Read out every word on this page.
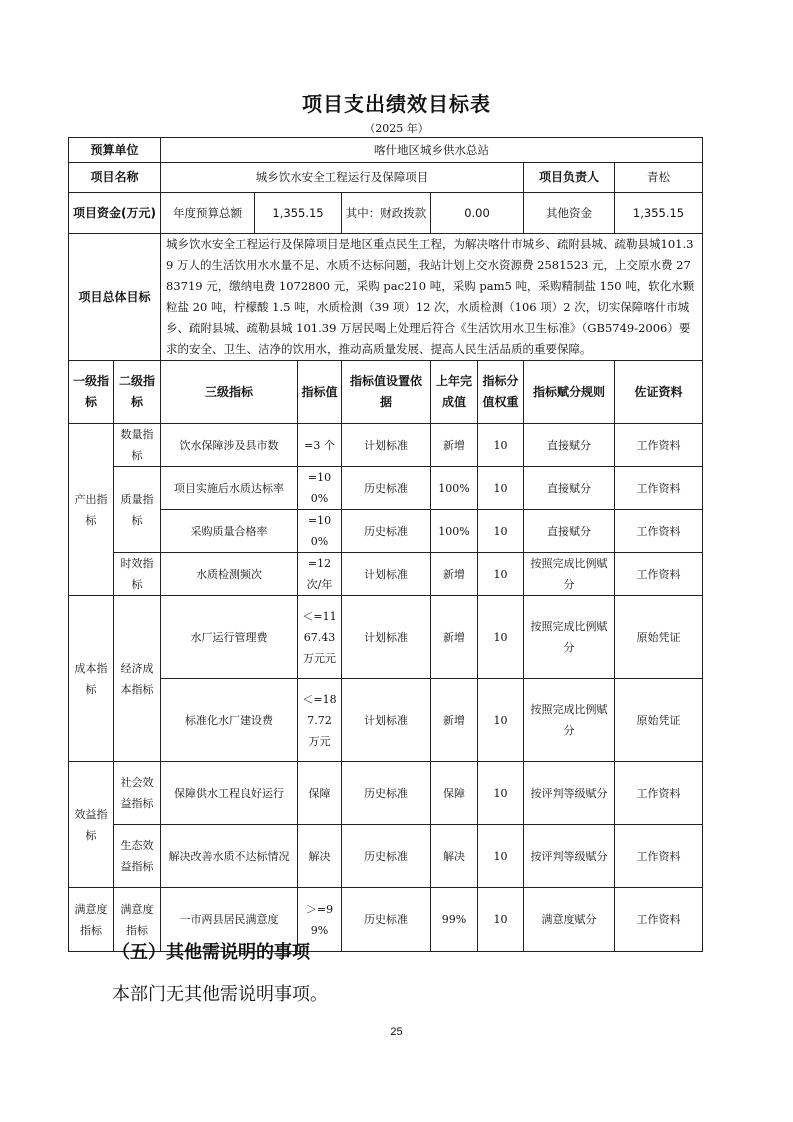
项目支出绩效目标表
（2025 年）
预算单位		喀什地区城乡供水总站							
项目名称		城乡饮水安全工程运行及保障项目						项目负责人	青松
项目资金(万元)		年度预算总额	1,355.15		其中：财政拨款	0.00		其他资金	1,355.15
项目总体目标		城乡饮水安全工程运行及保障项目是地区重点民生工程，为解决喀什市城乡、疏附县城、疏勒县城101.39 万人的生活饮用水水量不足、水质不达标问题，我站计划上交水资源费 2581523 元，上交原水费 2783719 元，缴纳电费 1072800 元，采购 pac210 吨，采购 pam5 吨，采购精制盐 150 吨，软化水颗粒盐 20 吨，柠檬酸 1.5 吨，水质检测（39 项）12 次，水质检测（106 项）2 次，切实保障喀什市城乡、疏附县城、疏勒县城 101.39 万居民喝上处理后符合《生活饮用水卫生标准》（GB5749-2006）要求的安全、卫生、洁净的饮用水，推动高质量发展、提高人民生活品质的重要保障。							
一级指标	二级指标	三级指标		指标值	指标值设置依据	上年完成值	指标分值权重	指标赋分规则	佐证资料
产出指标	数量指标	饮水保障涉及县市数		=3 个	计划标准	新增	10	直接赋分	工作资料
	质量指标	项目实施后水质达标率		=100%	历史标准	100%	10	直接赋分	工作资料
		采购质量合格率		=100%	历史标准	100%	10	直接赋分	工作资料
	时效指标	水质检测频次		=12 次/年	计划标准	新增	10	按照完成比例赋分	工作资料
成本指标	经济成本指标	水厂运行管理费		＜=1167.43 万元元	计划标准	新增	10	按照完成比例赋分	原始凭证
		标准化水厂建设费		＜=187.72 万元	计划标准	新增	10	按照完成比例赋分	原始凭证
效益指标	社会效益指标	保障供水工程良好运行		保障	历史标准	保障	10	按评判等级赋分	工作资料
	生态效益指标	解决改善水质不达标情况		解决	历史标准	解决	10	按评判等级赋分	工作资料
满意度指标	满意度指标	一市两县居民满意度		＞=99%	历史标准	99%	10	满意度赋分	工作资料
（五）其他需说明的事项
本部门无其他需说明事项。
25
